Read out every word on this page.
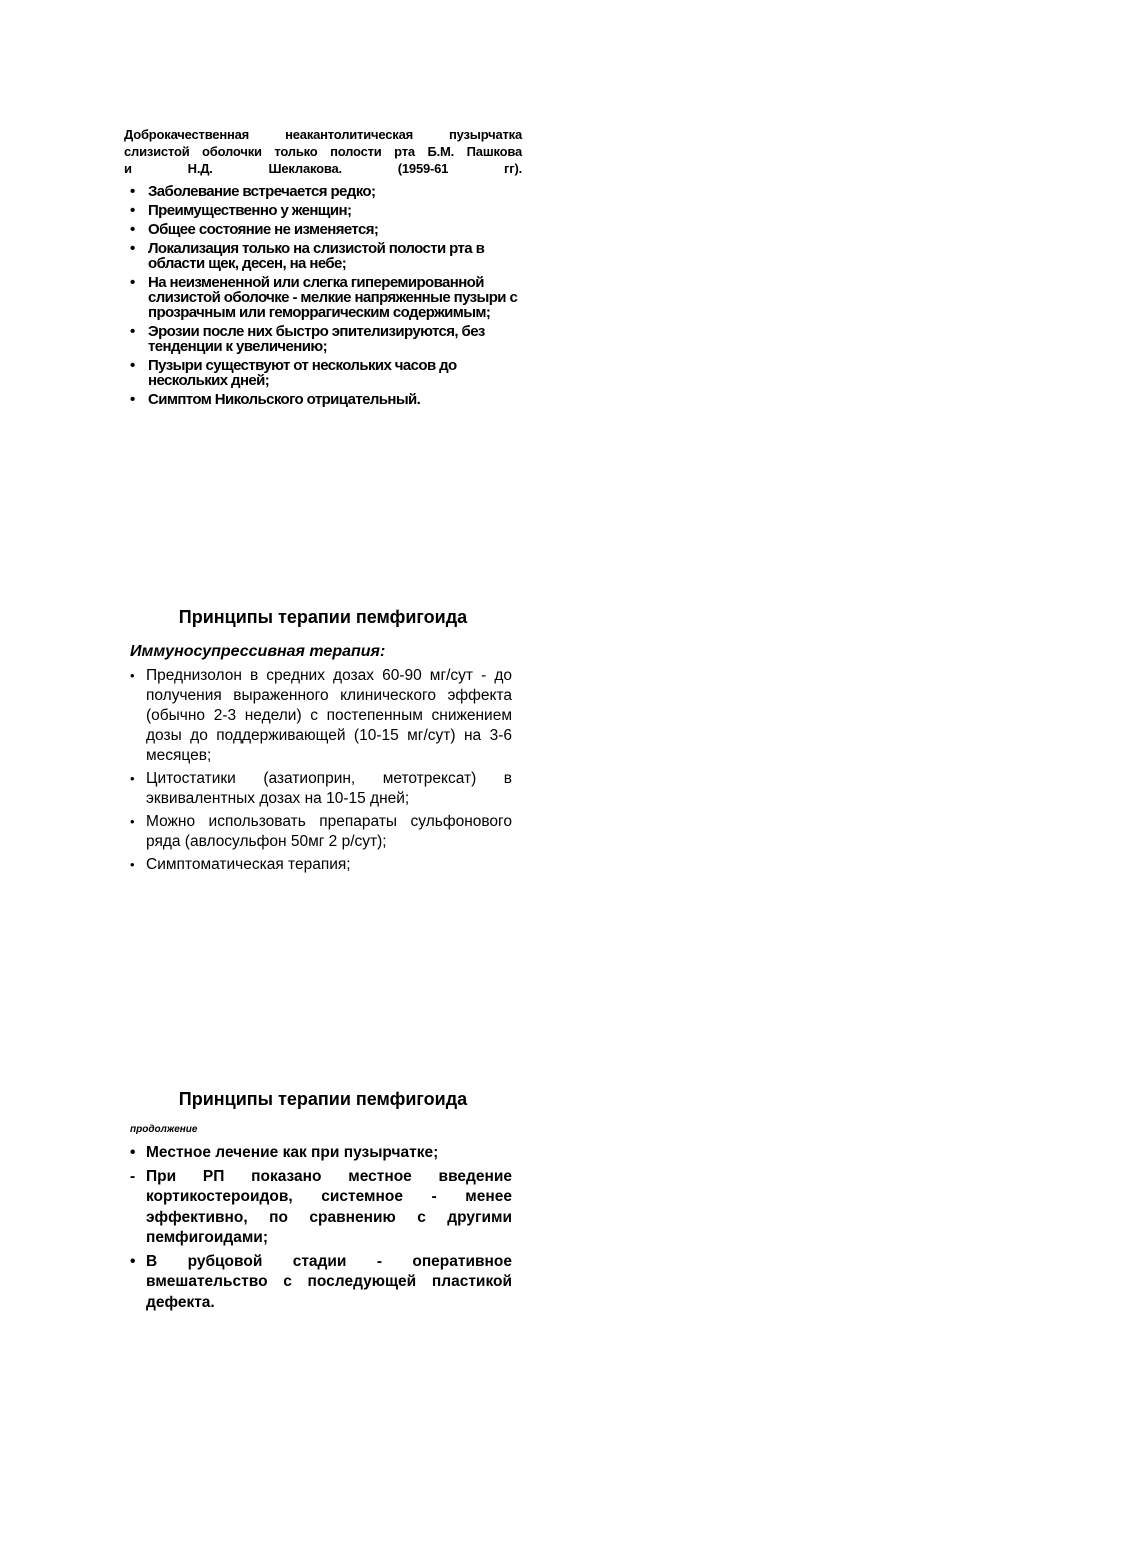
Доброкачественная неакантолитическая пузырчатка
слизистой оболочки только полости рта Б.М. Пашкова
и Н.Д. Шеклакова. (1959-61 гг).
• Заболевание встречается редко;
• Преимущественно у женщин;
• Общее состояние не изменяется;
• Локализация только на слизистой полости рта в области щек, десен, на небе;
• На неизмененной или слегка гиперемированной слизистой оболочке - мелкие напряженные пузыри с прозрачным или геморрагическим содержимым;
• Эрозии после них быстро эпителизируются, без тенденции к увеличению;
• Пузыри существуют от нескольких часов до нескольких дней;
• Симптом Никольского отрицательный.
Принципы терапии пемфигоида
Иммуносупрессивная терапия:
• Преднизолон в средних дозах 60-90 мг/сут - до получения выраженного клинического эффекта (обычно 2-3 недели) с постепенным снижением дозы до поддерживающей (10-15 мг/сут) на 3-6 месяцев;
• Цитостатики (азатиоприн, метотрексат) в эквивалентных дозах на 10-15 дней;
• Можно использовать препараты сульфонового ряда (авлосульфон 50мг 2 р/сут);
• Симптоматическая терапия;
Принципы терапии пемфигоида
продолжение
• Местное лечение как при пузырчатке;
- При РП показано местное введение кортикостероидов, системное - менее эффективно, по сравнению с другими пемфигоидами;
• В рубцовой стадии - оперативное вмешательство с последующей пластикой дефекта.
